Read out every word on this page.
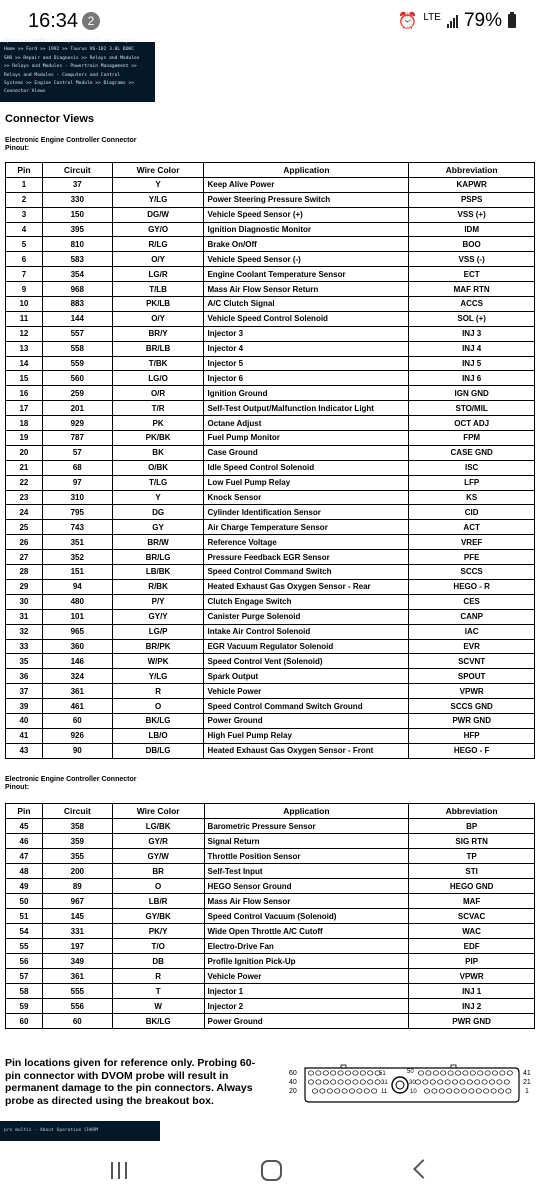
16:34 2	⏰ LTE 79%
Operation CHARM: Car repair manuals for everyone.
Home >> Ford >> 1992 >> Taurus V6-182 3.0L DOHC
SHO >> Repair and Diagnosis >> Relays and Modules
>> Relays and Modules - Powertrain Management >>
Relays and Modules - Computers and Control
Systems >> Engine Control Module >> Diagrams >>
Connector Views
Connector Views
Electronic Engine Controller Connector
Pinout:
Pin	Circuit	Wire Color	Application	Abbreviation
1	37	Y	Keep Alive Power	KAPWR
2	330	Y/LG	Power Steering Pressure Switch	PSPS
3	150	DG/W	Vehicle Speed Sensor (+)	VSS (+)
4	395	GY/O	Ignition Diagnostic Monitor	IDM
5	810	R/LG	Brake On/Off	BOO
6	583	O/Y	Vehicle Speed Sensor (-)	VSS (-)
7	354	LG/R	Engine Coolant Temperature Sensor	ECT
9	968	T/LB	Mass Air Flow Sensor Return	MAF RTN
10	883	PK/LB	A/C Clutch Signal	ACCS
11	144	O/Y	Vehicle Speed Control Solenoid	SOL (+)
12	557	BR/Y	Injector 3	INJ 3
13	558	BR/LB	Injector 4	INJ 4
14	559	T/BK	Injector 5	INJ 5
15	560	LG/O	Injector 6	INJ 6
16	259	O/R	Ignition Ground	IGN GND
17	201	T/R	Self-Test Output/Malfunction Indicator Light	STO/MIL
18	929	PK	Octane Adjust	OCT ADJ
19	787	PK/BK	Fuel Pump Monitor	FPM
20	57	BK	Case Ground	CASE GND
21	68	O/BK	Idle Speed Control Solenoid	ISC
22	97	T/LG	Low Fuel Pump Relay	LFP
23	310	Y	Knock Sensor	KS
24	795	DG	Cylinder Identification Sensor	CID
25	743	GY	Air Charge Temperature Sensor	ACT
26	351	BR/W	Reference Voltage	VREF
27	352	BR/LG	Pressure Feedback EGR Sensor	PFE
28	151	LB/BK	Speed Control Command Switch	SCCS
29	94	R/BK	Heated Exhaust Gas Oxygen Sensor - Rear	HEGO - R
30	480	P/Y	Clutch Engage Switch	CES
31	101	GY/Y	Canister Purge Solenoid	CANP
32	965	LG/P	Intake Air Control Solenoid	IAC
33	360	BR/PK	EGR Vacuum Regulator Solenoid	EVR
35	146	W/PK	Speed Control Vent (Solenoid)	SCVNT
36	324	Y/LG	Spark Output	SPOUT
37	361	R	Vehicle Power	VPWR
39	461	O	Speed Control Command Switch Ground	SCCS GND
40	60	BK/LG	Power Ground	PWR GND
41	926	LB/O	High Fuel Pump Relay	HFP
43	90	DB/LG	Heated Exhaust Gas Oxygen Sensor - Front	HEGO - F
Electronic Engine Controller Connector
Pinout:
Pin	Circuit	Wire Color	Application	Abbreviation
45	358	LG/BK	Barometric Pressure Sensor	BP
46	359	GY/R	Signal Return	SIG RTN
47	355	GY/W	Throttle Position Sensor	TP
48	200	BR	Self-Test Input	STI
49	89	O	HEGO Sensor Ground	HEGO GND
50	967	LB/R	Mass Air Flow Sensor	MAF
51	145	GY/BK	Speed Control Vacuum (Solenoid)	SCVAC
54	331	PK/Y	Wide Open Throttle A/C Cutoff	WAC
55	197	T/O	Electro-Drive Fan	EDF
56	349	DB	Profile Ignition Pick-Up	PIP
57	361	R	Vehicle Power	VPWR
58	555	T	Injector 1	INJ 1
59	556	W	Injector 2	INJ 2
60	60	BK/LG	Power Ground	PWR GND
Pin locations given for reference only. Probing 60-pin connector with DVOM probe will result in permanent damage to the pin connectors. Always probe as directed using the breakout box.
60
40
20
51
31
11
50
30
10
41
21
1
pro multis - About Operation CHARM
